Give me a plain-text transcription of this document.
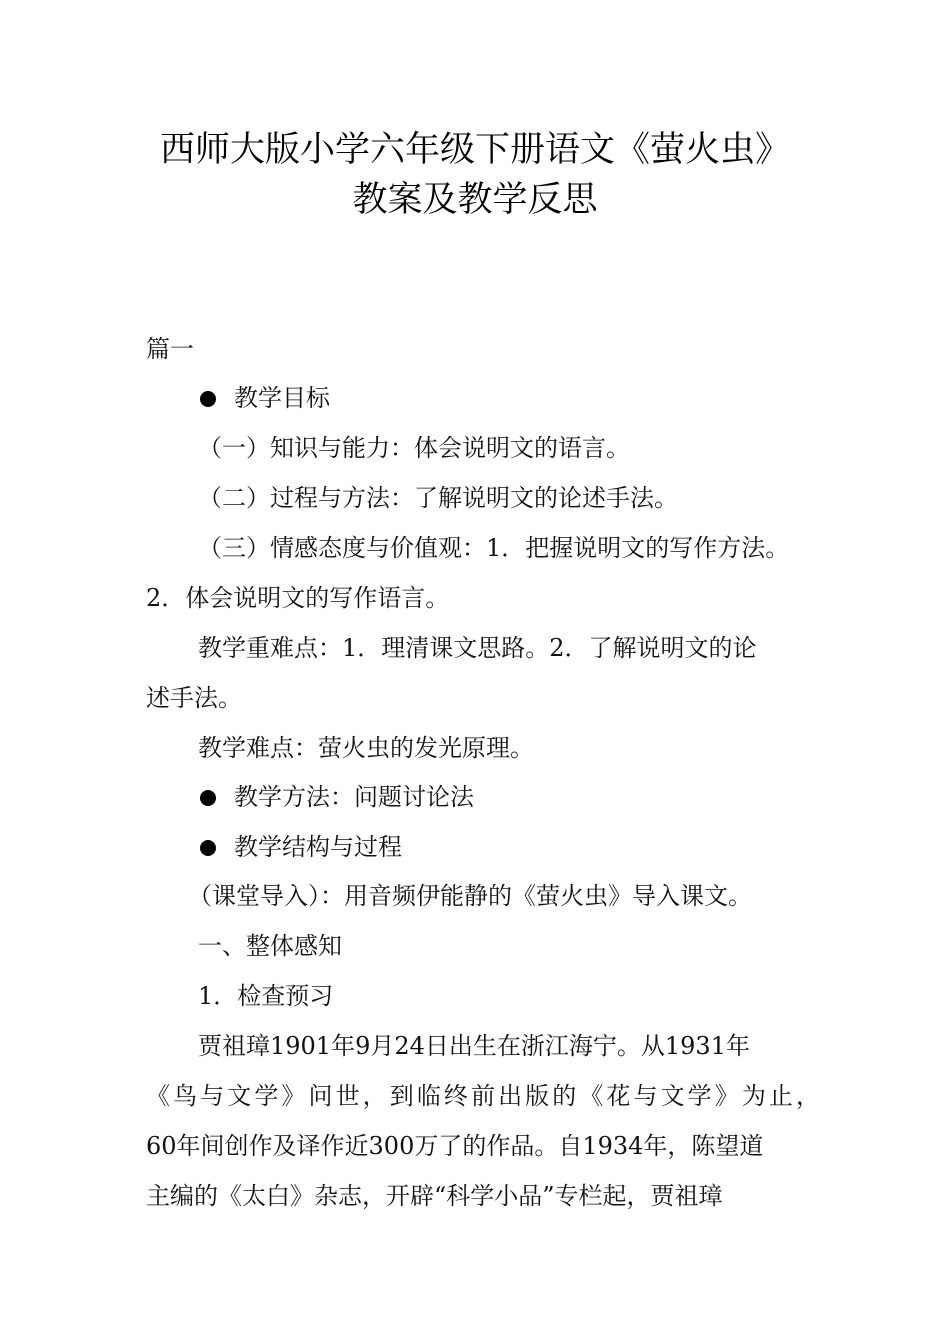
西师大版小学六年级下册语文《萤火虫》
教案及教学反思
篇一
教学目标
（一）知识与能力：体会说明文的语言。
（二）过程与方法：了解说明文的论述手法。
（三）情感态度与价值观：1．把握说明文的写作方法。
2．体会说明文的写作语言。
教学重难点：1．理清课文思路。2．了解说明文的论
述手法。
教学难点：萤火虫的发光原理。
教学方法：问题讨论法
教学结构与过程
（课堂导入）：用音频伊能静的《萤火虫》导入课文。
一、整体感知
1．检查预习
贾祖璋1901年9月24日出生在浙江海宁。从1931年
《鸟与文学》问世，到临终前出版的《花与文学》为止，
60年间创作及译作近300万了的作品。自1934年，陈望道
主编的《太白》杂志，开辟“科学小品”专栏起，贾祖璋
